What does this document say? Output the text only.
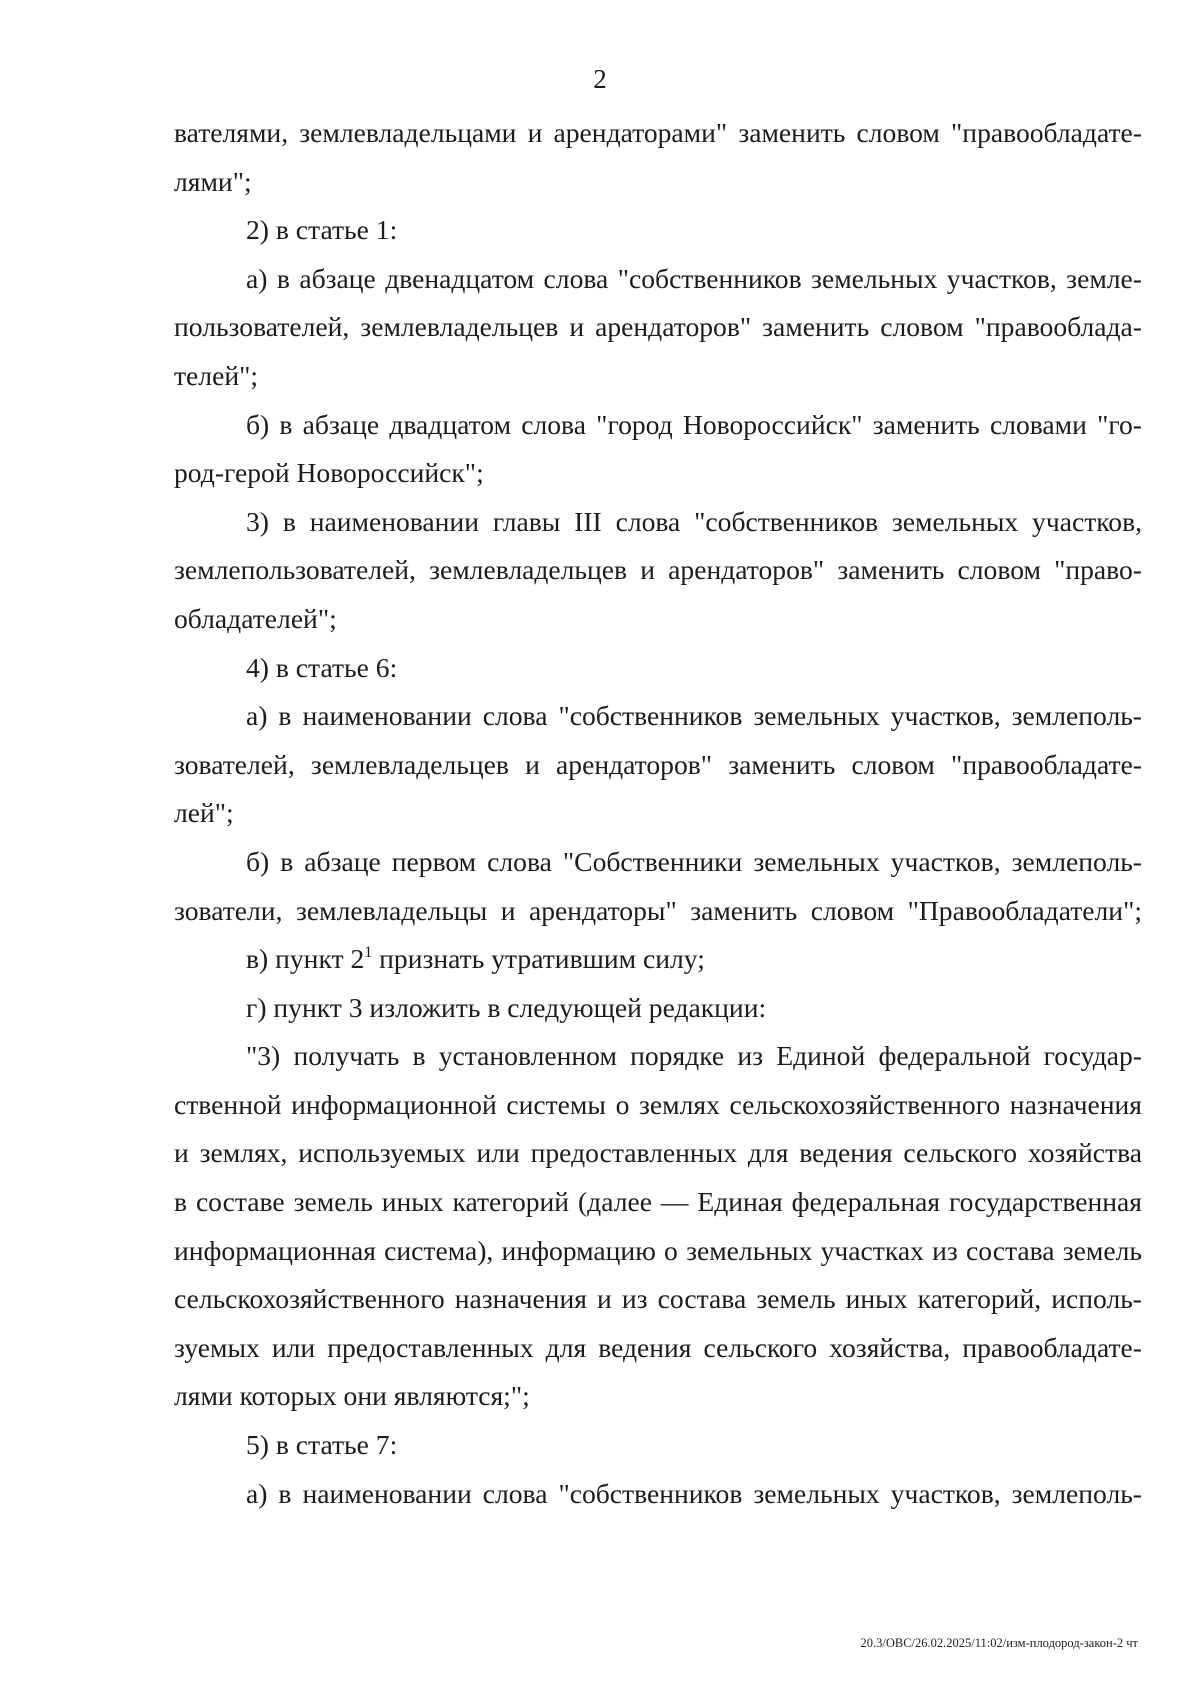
2
вателями, землевладельцами и арендаторами" заменить словом "правообладате-
лями";
2) в статье 1:
а) в абзаце двенадцатом слова "собственников земельных участков, земле-
пользователей, землевладельцев и арендаторов" заменить словом "правооблада-
телей";
б) в абзаце двадцатом слова "город Новороссийск" заменить словами "го-
род-герой Новороссийск";
3) в наименовании главы III слова "собственников земельных участков,
землепользователей, землевладельцев и арендаторов" заменить словом "право-
обладателей";
4) в статье 6:
а) в наименовании слова "собственников земельных участков, землеполь-
зователей, землевладельцев и арендаторов" заменить словом "правообладате-
лей";
б) в абзаце первом слова "Собственники земельных участков, землеполь-
зователи, землевладельцы и арендаторы" заменить словом "Правообладатели";
в) пункт $2^1$ признать утратившим силу;
г) пункт 3 изложить в следующей редакции:
"3) получать в установленном порядке из Единой федеральной государ-
ственной информационной системы о землях сельскохозяйственного назначения
и землях, используемых или предоставленных для ведения сельского хозяйства
в составе земель иных категорий (далее — Единая федеральная государственная
информационная система), информацию о земельных участках из состава земель
сельскохозяйственного назначения и из состава земель иных категорий, исполь-
зуемых или предоставленных для ведения сельского хозяйства, правообладате-
лями которых они являются;";
5) в статье 7:
а) в наименовании слова "собственников земельных участков, землеполь-
20.3/ОВС/26.02.2025/11:02/изм-плодород-закон-2 чт
